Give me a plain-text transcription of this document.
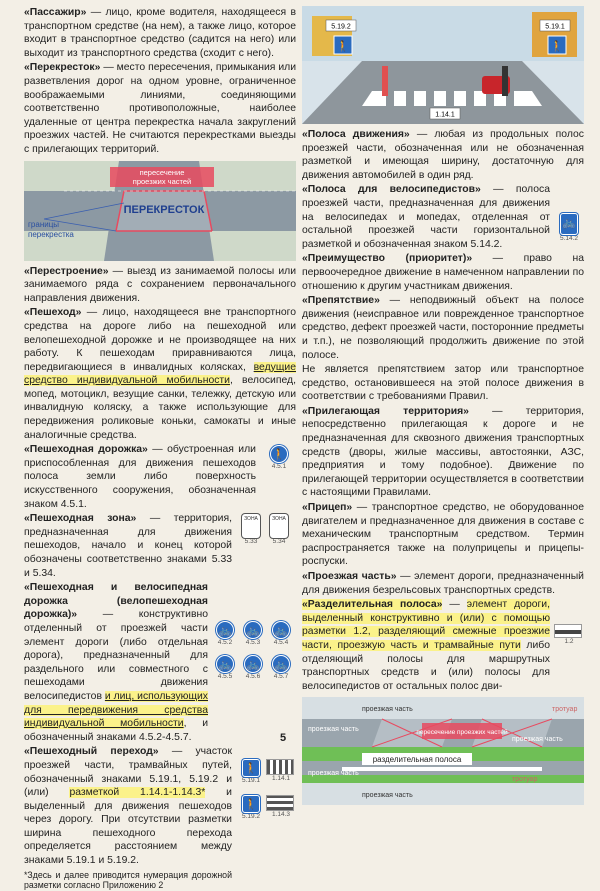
«Пассажир» — лицо, кроме водителя, находящееся в транспортном средстве (на нем), а также лицо, которое входит в транспортное средство (садится на него) или выходит из транспортного средства (сходит с него).

«Перекресток» — место пересечения, примыкания или разветвления дорог на одном уровне, ограниченное воображаемыми линиями, соединяющими соответственно противоположные, наиболее удаленные от центра перекрестка начала закруглений проезжих частей. Не считаются перекрестками выезды с прилегающих территорий.

пересечение
проезжих частей
ПЕРЕКРЕСТОК
границы
перекрестка

«Перестроение» — выезд из занимаемой полосы или занимаемого ряда с сохранением первоначального направления движения.

«Пешеход» — лицо, находящееся вне транспортного средства на дороге либо на пешеходной или велопешеходной дорожке и не производящее на них работу. К пешеходам приравниваются лица, передвигающиеся в инвалидных колясках, ведущие средство индивидуальной мобильности, велосипед, мопед, мотоцикл, везущие санки, тележку, детскую или инвалидную коляску, а также использующие для передвижения роликовые коньки, самокаты и иные аналогичные средства.

«Пешеходная дорожка» — обустроенная или приспособленная для движения пешеходов полоса земли либо поверхность искусственного сооружения, обозначенная знаком 4.5.1.

🚶
4.5.1

«Пешеходная зона» — территория, предназначенная для движения пешеходов, начало и конец которой обозначены соответственно знаками 5.33 и 5.34.

ЗОНА
5.33
ЗОНА
5.34

«Пешеходная и велосипедная дорожка (велопешеходная дорожка)» — конструктивно отделенный от проезжей части элемент дороги (либо отдельная дорога), предназначенный для раздельного или совместного с пешеходами движения велосипедистов и лиц, использующих для передвижения средства индивидуальной мобильности, и обозначенный знаками 4.5.2-4.5.7.

🚲
4.5.2
🚲
4.5.3
🚲
4.5.4
🚲
4.5.5
🚲
4.5.6
🚲
4.5.7

«Пешеходный переход» — участок проезжей части, трамвайных путей, обозначенный знаками 5.19.1, 5.19.2 и (или) разметкой 1.14.1-1.14.3* и выделенный для движения пешеходов через дорогу. При отсутствии разметки ширина пешеходного перехода определяется расстоянием между знаками 5.19.1 и 5.19.2.

🚶
5.19.1	1.14.1
🚶
5.19.2	1.14.3

*Здесь и далее приводится нумерация дорожной разметки согласно Приложению 2

🚶	🚶
5.19.2	5.19.1
1.14.1

«Полоса движения» — любая из продольных полос проезжей части, обозначенная или не обозначенная разметкой и имеющая ширину, достаточную для движения автомобилей в один ряд.

«Полоса для велосипедистов» — полоса проезжей части, предназначенная для движения на велосипедах и мопедах, отделенная от остальной проезжей части горизонтальной разметкой и обозначенная знаком 5.14.2.

🚲
5.14.2

«Преимущество (приоритет)» — право на первоочередное движение в намеченном направлении по отношению к другим участникам движения.

«Препятствие» — неподвижный объект на полосе движения (неисправное или поврежденное транспортное средство, дефект проезжей части, посторонние предметы и т.п.), не позволяющий продолжить движение по этой полосе.

Не является препятствием затор или транспортное средство, остановившееся на этой полосе движения в соответствии с требованиями Правил.

«Прилегающая территория» — территория, непосредственно прилегающая к дороге и не предназначенная для сквозного движения транспортных средств (дворы, жилые массивы, автостоянки, АЗС, предприятия и тому подобное). Движение по прилегающей территории осуществляется в соответствии с настоящими Правилами.

«Прицеп» — транспортное средство, не оборудованное двигателем и предназначенное для движения в составе с механическим транспортным средством. Термин распространяется также на полуприцепы и прицепы-роспуски.

«Проезжая часть» — элемент дороги, предназначенный для движения безрельсовых транспортных средств.

«Разделительная полоса» — элемент дороги, выделенный конструктивно и (или) с помощью разметки 1.2, разделяющий смежные проезжие части, проезжую часть и трамвайные пути либо отделяющий полосы для маршрутных транспортных средств и (или) полосы для велосипедистов от остальных полос дви-

1.2
проезжая часть	тротуар
проезжая часть	пересечение проезжих частей
проезжая часть
разделительная полоса
проезжая часть
тротуар
проезжая часть
5
